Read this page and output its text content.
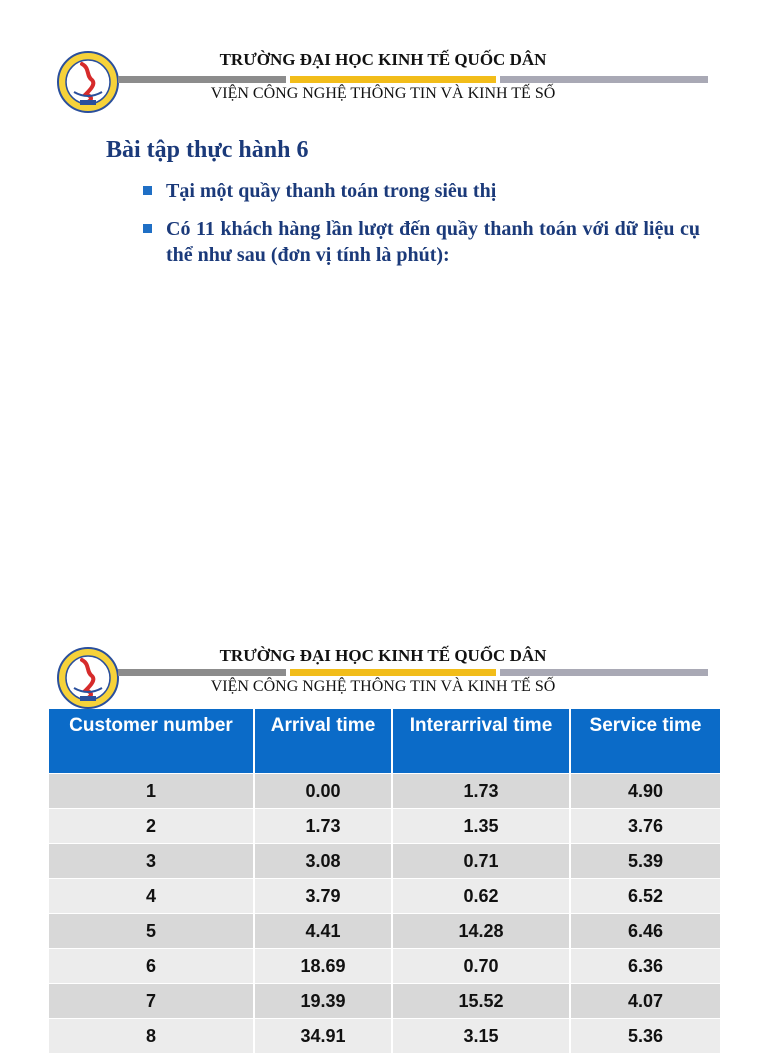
TRƯỜNG ĐẠI HỌC KINH TẾ QUỐC DÂN
VIỆN CÔNG NGHỆ THÔNG TIN VÀ KINH TẾ SỐ
Bài tập thực hành 6
Tại một quầy thanh toán trong siêu thị
Có 11 khách hàng lần lượt đến quầy thanh toán với dữ liệu cụ thể như sau (đơn vị tính là phút):
TRƯỜNG ĐẠI HỌC KINH TẾ QUỐC DÂN
VIỆN CÔNG NGHỆ THÔNG TIN VÀ KINH TẾ SỐ
Customer number	Arrival time	Interarrival time	Service time
1	0.00	1.73	4.90
2	1.73	1.35	3.76
3	3.08	0.71	5.39
4	3.79	0.62	6.52
5	4.41	14.28	6.46
6	18.69	0.70	6.36
7	19.39	15.52	4.07
8	34.91	3.15	5.36
